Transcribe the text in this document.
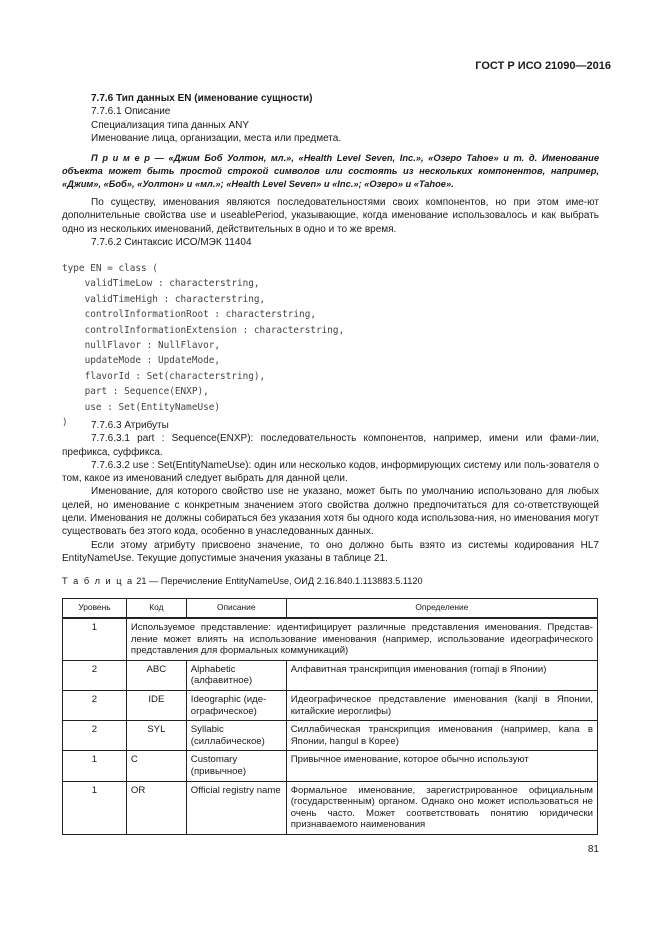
ГОСТ Р ИСО 21090—2016

7.7.6 Тип данных EN (именование сущности)

7.7.6.1 Описание

Специализация типа данных ANY

Именование лица, организации, места или предмета.

П р и м е р — «Джим Боб Уолтон, мл.», «Health Level Seven, Inc.», «Озеро Tahoe» и т. д. Именование объекта может быть простой строкой символов или состоять из нескольких компонентов, например, «Джим», «Боб», «Уолтон» и «мл.»; «Health Level Seven» и «Inc.»; «Озеро» и «Tahoe».

По существу, именования являются последовательностями своих компонентов, но при этом име-ют дополнительные свойства use и useablePeriod, указывающие, когда именование использовалось и как выбрать одно из нескольких именований, действительных в одно и то же время.

7.7.6.2 Синтаксис ИСО/МЭК 11404

type EN = class (
validTimeLow : characterstring,
validTimeHigh : characterstring,
controlInformationRoot : characterstring,
controlInformationExtension : characterstring,
nullFlavor : NullFlavor,
updateMode : UpdateMode,
flavorId : Set(characterstring),
part : Sequence(ENXP),
use : Set(EntityNameUse)
)	7.7.6.3 Атрибуты

7.7.6.3.1 part : Sequence(ENXP): последовательность компонентов, например, имени или фами-лии, префикса, суффикса.

7.7.6.3.2 use : Set(EntityNameUse): один или несколько кодов, информирующих систему или поль-зователя о том, какое из именований следует выбрать для данной цели.

Именование, для которого свойство use не указано, может быть по умолчанию использовано для любых целей, но именование с конкретным значением этого свойства должно предпочитаться для со-ответствующей цели. Именования не должны собираться без указания хотя бы одного кода использова-ния, но именования могут существовать без этого кода, особенно в унаследованных данных.

Если этому атрибуту присвоено значение, то оно должно быть взято из системы кодирования HL7 EntityNameUse. Текущие допустимые значения указаны в таблице 21.

Т а б л и ц а 21 — Перечисление EntityNameUse, ОИД 2.16.840.1.113883.5.1120
Уровень	Код	Описание	Определение
1	Используемое представление: идентифицирует различные представления именования. Представ-ление может влиять на использование именования (например, использование идеографического представления для формальных коммуникаций)		
2	ABC	Alphabetic (алфавитное)	Алфавитная транскрипция именования (romaji в Японии)
2	IDE	Ideographic (иде-ографическое)	Идеографическое представление именования (kanji в Японии, китайские иероглифы)
2	SYL	Syllabic (силлабическое)	Силлабическая транскрипция именования (например, kana в Японии, hangul в Корее)
1	C	Customary (привычное)	Привычное именование, которое обычно используют
1	OR	Official registry name	Формальное именование, зарегистрированное официальным (государственным) органом. Однако оно может использоваться не очень часто. Может соответствовать понятию юридически признаваемого наименования
81
